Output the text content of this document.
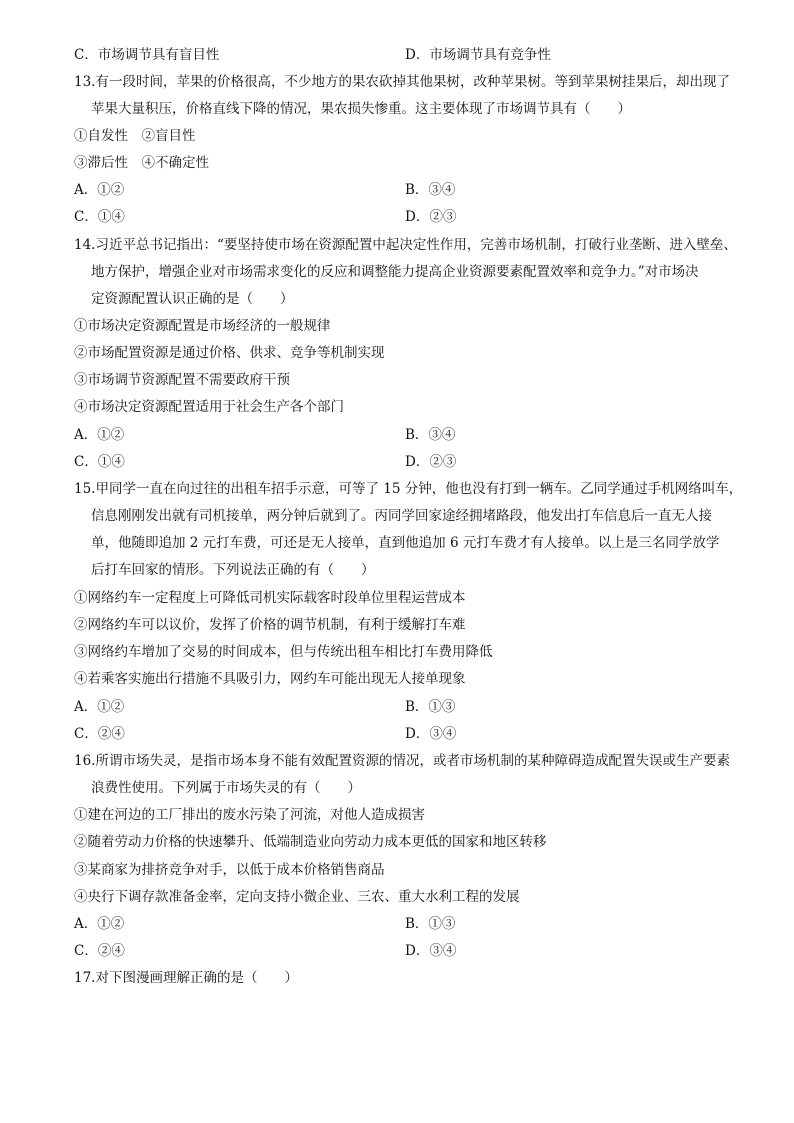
C．市场调节具有盲目性	D．市场调节具有竞争性
13.有一段时间，苹果的价格很高，不少地方的果农砍掉其他果树，改种苹果树。等到苹果树挂果后，却出现了
苹果大量积压，价格直线下降的情况，果农损失惨重。这主要体现了市场调节具有（　　）
①自发性　②盲目性
③滞后性　④不确定性
A．①②	B．③④
C．①④	D．②③
14.习近平总书记指出：“要坚持使市场在资源配置中起决定性作用，完善市场机制，打破行业垄断、进入壁垒、
地方保护，增强企业对市场需求变化的反应和调整能力提高企业资源要素配置效率和竞争力。”对市场决
定资源配置认识正确的是（　　）
①市场决定资源配置是市场经济的一般规律
②市场配置资源是通过价格、供求、竞争等机制实现
③市场调节资源配置不需要政府干预
④市场决定资源配置适用于社会生产各个部门
A．①②	B．③④
C．①④	D．②③
15.甲同学一直在向过往的出租车招手示意，可等了 15 分钟，他也没有打到一辆车。乙同学通过手机网络叫车，
信息刚刚发出就有司机接单，两分钟后就到了。丙同学回家途经拥堵路段，他发出打车信息后一直无人接
单，他随即追加 2 元打车费，可还是无人接单，直到他追加 6 元打车费才有人接单。以上是三名同学放学
后打车回家的情形。下列说法正确的有（　　）
①网络约车一定程度上可降低司机实际载客时段单位里程运营成本
②网络约车可以议价，发挥了价格的调节机制，有利于缓解打车难
③网络约车增加了交易的时间成本，但与传统出租车相比打车费用降低
④若乘客实施出行措施不具吸引力，网约车可能出现无人接单现象
A．①②	B．①③
C．②④	D．③④
16.所谓市场失灵，是指市场本身不能有效配置资源的情况，或者市场机制的某种障碍造成配置失误或生产要素
浪费性使用。下列属于市场失灵的有（　　）
①建在河边的工厂排出的废水污染了河流，对他人造成损害
②随着劳动力价格的快速攀升、低端制造业向劳动力成本更低的国家和地区转移
③某商家为排挤竞争对手，以低于成本价格销售商品
④央行下调存款准备金率，定向支持小微企业、三农、重大水利工程的发展
A．①②	B．①③
C．②④	D．③④
17.对下图漫画理解正确的是（　　）
